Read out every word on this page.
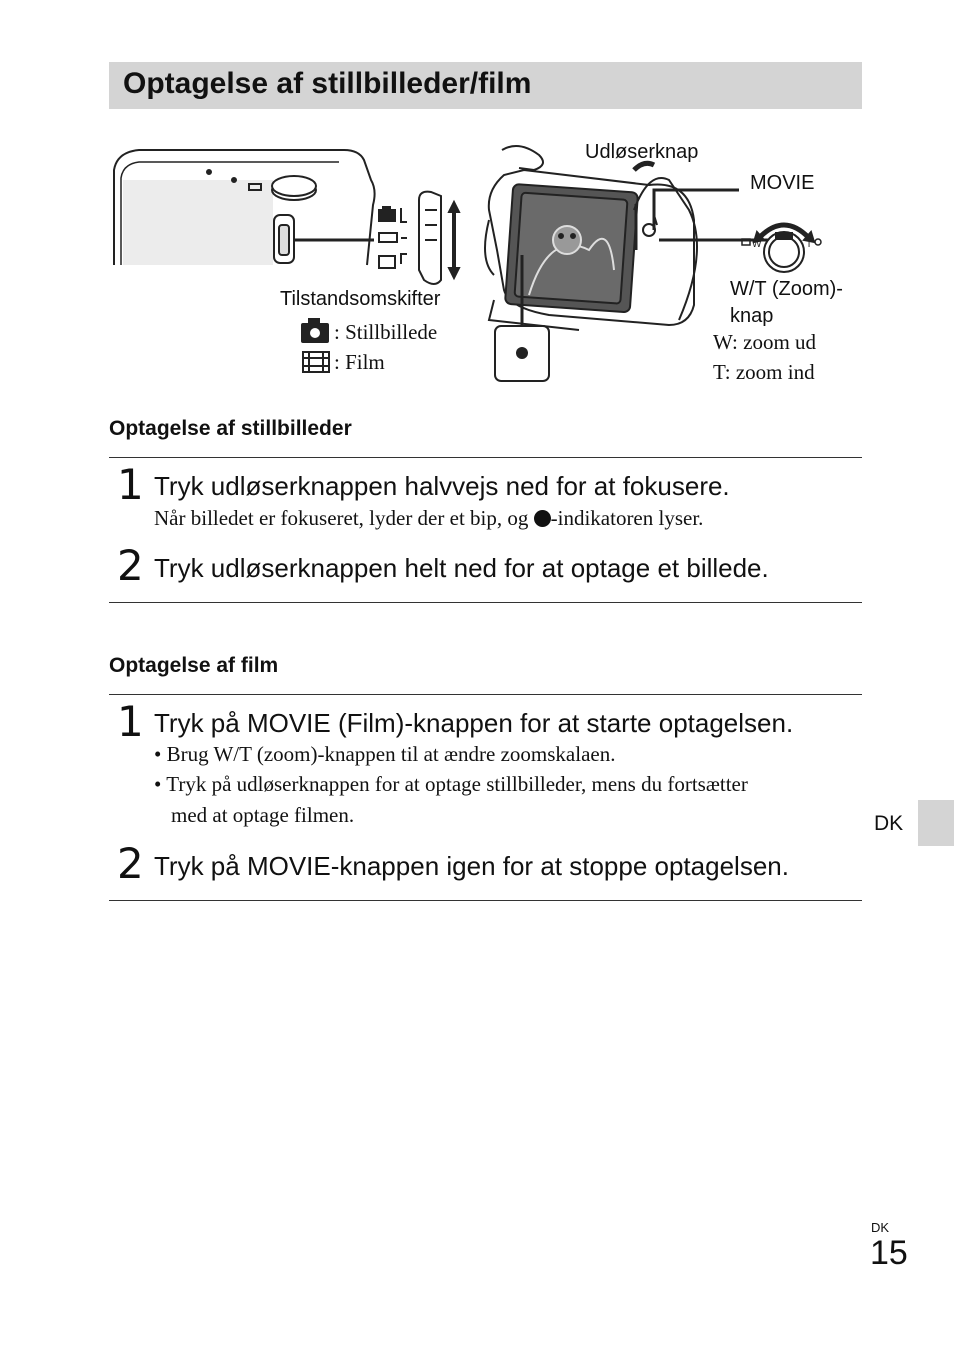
Optagelse af stillbilleder/film
W	T
Udløserknap
MOVIE
Tilstandsomskifter
: Stillbillede
: Film
W/T (Zoom)-
knap
W: zoom ud
T: zoom ind
Optagelse af stillbilleder
1 Tryk udløserknappen halvvejs ned for at fokusere.
Når billedet er fokuseret, lyder der et bip, og -indikatoren lyser.
2 Tryk udløserknappen helt ned for at optage et billede.
Optagelse af film
1 Tryk på MOVIE (Film)-knappen for at starte optagelsen.
• Brug W/T (zoom)-knappen til at ændre zoomskalaen.
• Tryk på udløserknappen for at optage stillbilleder, mens du fortsætter
med at optage filmen.
2 Tryk på MOVIE-knappen igen for at stoppe optagelsen.
DK
DK
15
